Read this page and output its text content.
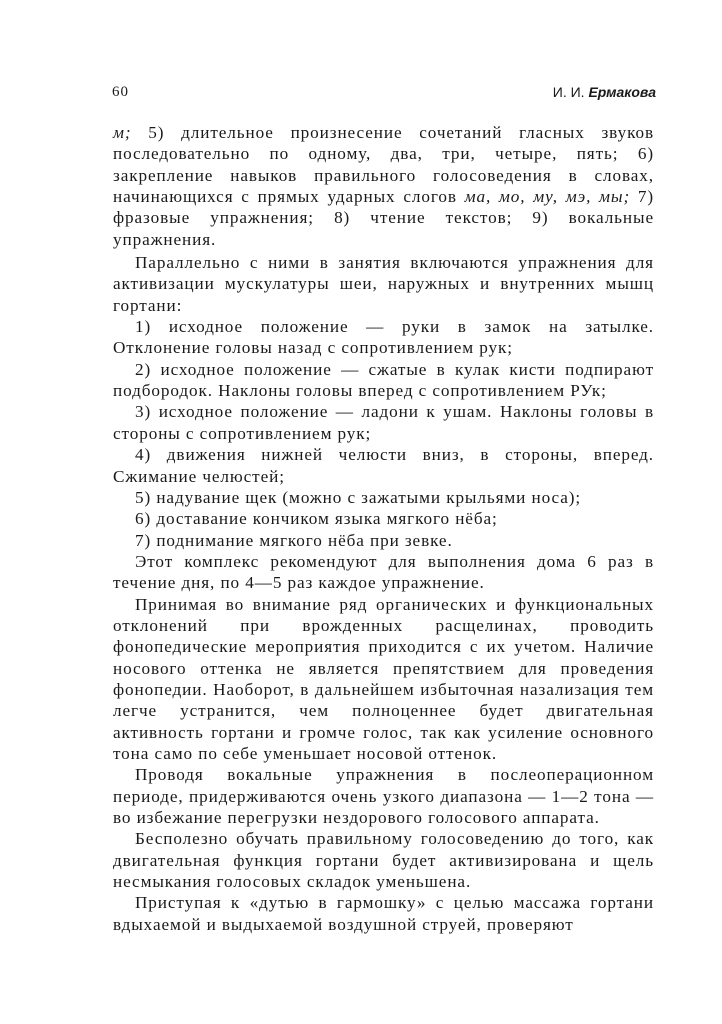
60	И. И. Ермакова

м; 5) длительное произнесение сочетаний гласных звуков последовательно по одному, два, три, четыре, пять; 6) закрепление навыков правильного голосоведения в словах, начинающихся с прямых ударных слогов ма, мо, му, мэ, мы; 7) фразовые упражнения; 8) чтение текстов; 9) вокальные упражнения.

Параллельно с ними в занятия включаются упражнения для активизации мускулатуры шеи, наружных и внутренних мышц гортани:

1) исходное положение — руки в замок на затылке. Отклонение головы назад с сопротивлением рук;

2) исходное положение — сжатые в кулак кисти подпирают подбородок. Наклоны головы вперед с сопротивлением РУк;

3) исходное положение — ладони к ушам. Наклоны головы в стороны с сопротивлением рук;

4) движения нижней челюсти вниз, в стороны, вперед. Сжимание челюстей;

5) надувание щек (можно с зажатыми крыльями носа);

6) доставание кончиком языка мягкого нёба;

7) поднимание мягкого нёба при зевке.

Этот комплекс рекомендуют для выполнения дома 6 раз в течение дня, по 4—5 раз каждое упражнение.

Принимая во внимание ряд органических и функциональных отклонений при врожденных расщелинах, проводить фонопедические мероприятия приходится с их учетом. Наличие носового оттенка не является препятствием для проведения фонопедии. Наоборот, в дальнейшем избыточная назализация тем легче устранится, чем полноценнее будет двигательная активность гортани и громче голос, так как усиление основного тона само по себе уменьшает носовой оттенок.

Проводя вокальные упражнения в послеоперационном периоде, придерживаются очень узкого диапазона — 1—2 тона — во избежание перегрузки нездорового голосового аппарата.

Бесполезно обучать правильному голосоведению до того, как двигательная функция гортани будет активизирована и щель несмыкания голосовых складок уменьшена.

Приступая к «дутью в гармошку» с целью массажа гортани вдыхаемой и выдыхаемой воздушной струей, проверяют
